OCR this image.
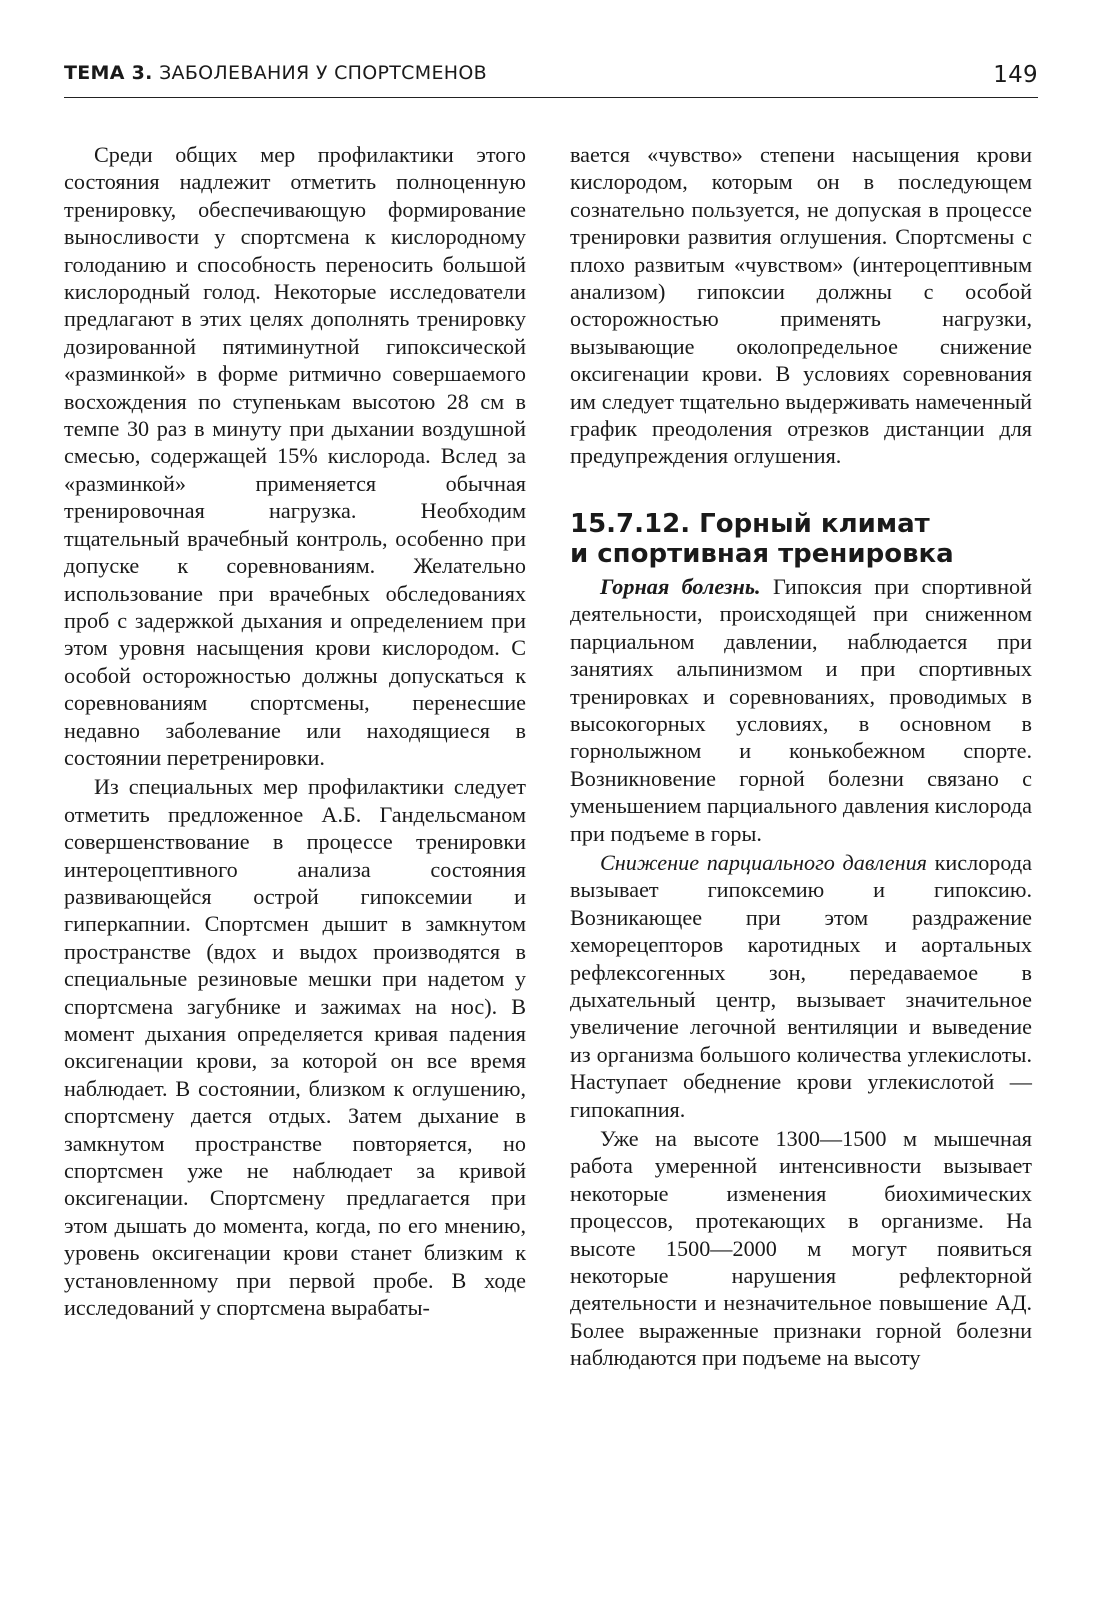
ТЕМА 3. ЗАБОЛЕВАНИЯ У СПОРТСМЕНОВ	149

Среди общих мер профилактики этого состояния надлежит отметить полноценную тренировку, обеспечивающую формирование выносливости у спортсмена к кислородному голоданию и способность переносить большой кислородный голод. Некоторые исследователи предлагают в этих целях дополнять тренировку дозированной пятиминутной гипоксической «разминкой» в форме ритмично совершаемого восхождения по ступенькам высотою 28 см в темпе 30 раз в минуту при дыхании воздушной смесью, содержащей 15% кислорода. Вслед за «разминкой» применяется обычная тренировочная нагрузка. Необходим тщательный врачебный контроль, особенно при допуске к соревнованиям. Желательно использование при врачебных обследованиях проб с задержкой дыхания и определением при этом уровня насыщения крови кислородом. С особой осторожностью должны допускаться к соревнованиям спортсмены, перенесшие недавно заболевание или находящиеся в состоянии перетренировки.

Из специальных мер профилактики следует отметить предложенное А.Б. Гандельсманом совершенствование в процессе тренировки интероцептивного анализа состояния развивающейся острой гипоксемии и гиперкапнии. Спортсмен дышит в замкнутом пространстве (вдох и выдох производятся в специальные резиновые мешки при надетом у спортсмена загубнике и зажимах на нос). В момент дыхания определяется кривая падения оксигенации крови, за которой он все время наблюдает. В состоянии, близком к оглушению, спортсмену дается отдых. Затем дыхание в замкнутом пространстве повторяется, но спортсмен уже не наблюдает за кривой оксигенации. Спортсмену предлагается при этом дышать до момента, когда, по его мнению, уровень оксигенации крови станет близким к установленному при первой пробе. В ходе исследований у спортсмена вырабаты-

вается «чувство» степени насыщения крови кислородом, которым он в последующем сознательно пользуется, не допуская в процессе тренировки развития оглушения. Спортсмены с плохо развитым «чувством» (интероцептивным анализом) гипоксии должны с особой осторожностью применять нагрузки, вызывающие околопредельное снижение оксигенации крови. В условиях соревнования им следует тщательно выдерживать намеченный график преодоления отрезков дистанции для предупреждения оглушения.

15.7.12. Горный климат
и спортивная тренировка

Горная болезнь. Гипоксия при спортивной деятельности, происходящей при сниженном парциальном давлении, наблюдается при занятиях альпинизмом и при спортивных тренировках и соревнованиях, проводимых в высокогорных условиях, в основном в горнолыжном и конькобежном спорте. Возникновение горной болезни связано с уменьшением парциального давления кислорода при подъеме в горы.

Снижение парциального давления кислорода вызывает гипоксемию и гипоксию. Возникающее при этом раздражение хеморецепторов каротидных и аортальных рефлексогенных зон, передаваемое в дыхательный центр, вызывает значительное увеличение легочной вентиляции и выведение из организма большого количества углекислоты. Наступает обеднение крови углекислотой — гипокапния.

Уже на высоте 1300—1500 м мышечная работа умеренной интенсивности вызывает некоторые изменения биохимических процессов, протекающих в организме. На высоте 1500—2000 м могут появиться некоторые нарушения рефлекторной деятельности и незначительное повышение АД. Более выраженные признаки горной болезни наблюдаются при подъеме на высоту
